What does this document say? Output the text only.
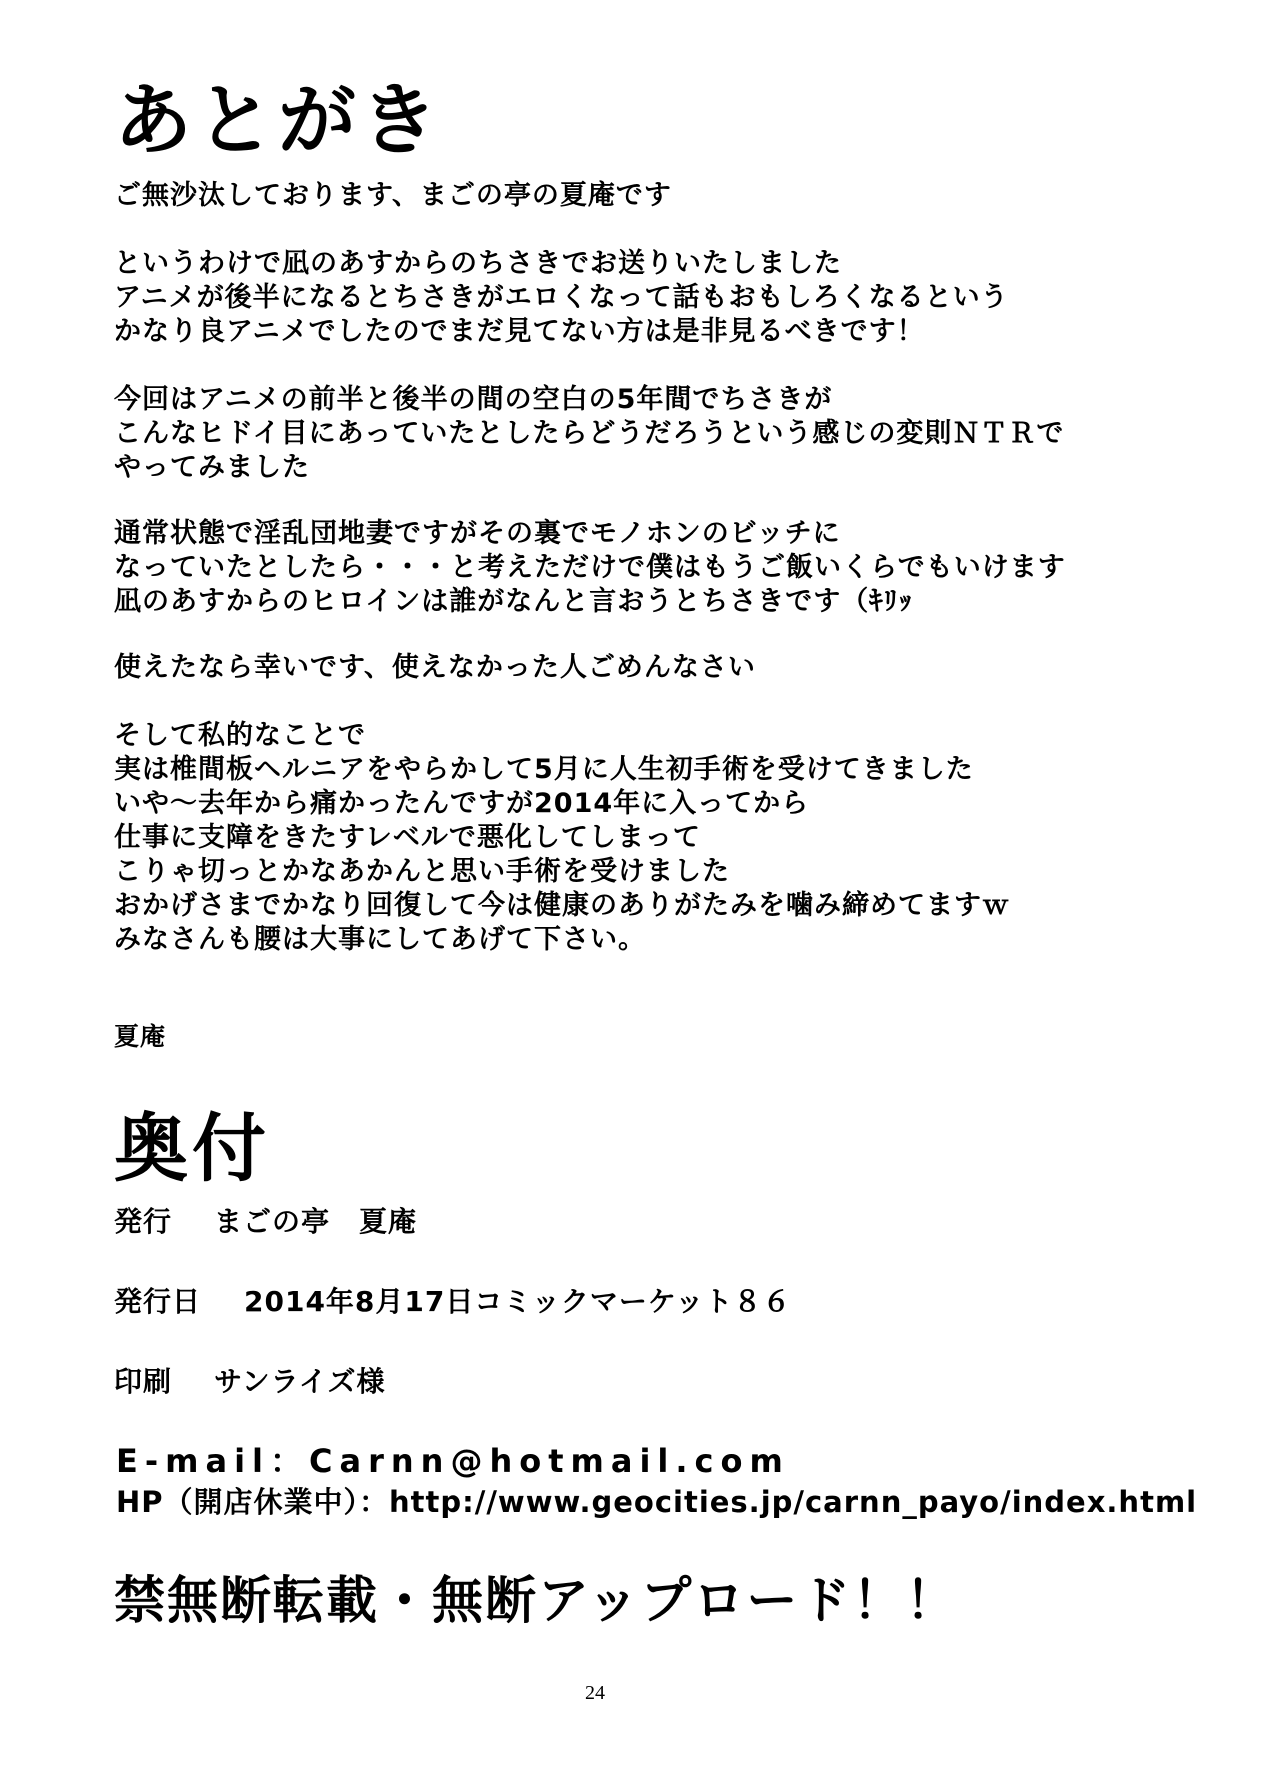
あとがき
ご無沙汰しております、まごの亭の夏庵です
というわけで凪のあすからのちさきでお送りいたしました
アニメが後半になるとちさきがエロくなって話もおもしろくなるという
かなり良アニメでしたのでまだ見てない方は是非見るべきです！
今回はアニメの前半と後半の間の空白の5年間でちさきが
こんなヒドイ目にあっていたとしたらどうだろうという感じの変則ＮＴＲで
やってみました
通常状態で淫乱団地妻ですがその裏でモノホンのビッチに
なっていたとしたら・・・と考えただけで僕はもうご飯いくらでもいけます
凪のあすからのヒロインは誰がなんと言おうとちさきです（ｷﾘｯ
使えたなら幸いです、使えなかった人ごめんなさい
そして私的なことで
実は椎間板ヘルニアをやらかして5月に人生初手術を受けてきました
いや～去年から痛かったんですが2014年に入ってから
仕事に支障をきたすレベルで悪化してしまって
こりゃ切っとかなあかんと思い手術を受けました
おかげさまでかなり回復して今は健康のありがたみを噛み締めてますｗ
みなさんも腰は大事にしてあげて下さい。
夏庵
奥付
発行 まごの亭　夏庵
発行日 2014年8月17日コミックマーケット８６
印刷 サンライズ様
E-mail：Carnn@hotmail.com
HP（開店休業中）：http://www.geocities.jp/carnn_payo/index.html
禁無断転載・無断アップロード！！
24
